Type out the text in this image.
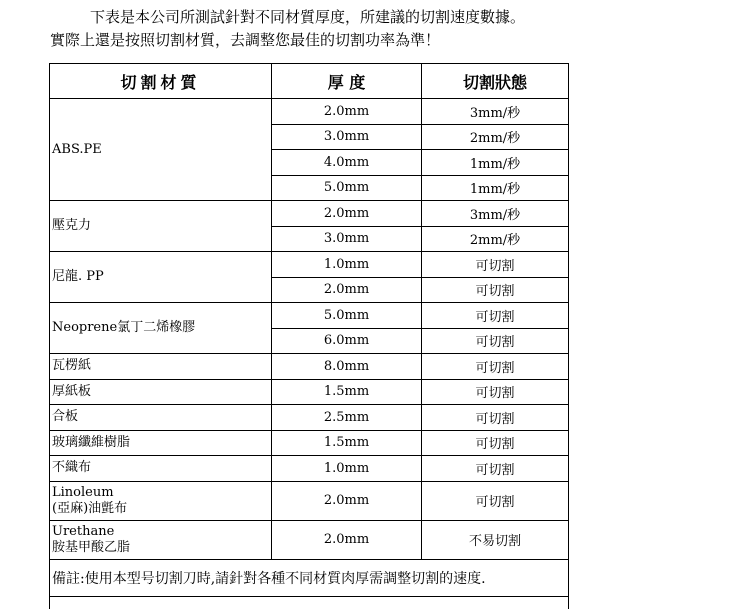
下表是本公司所測試針對不同材質厚度，所建議的切割速度數據。

實際上還是按照切割材質，去調整您最佳的切割功率為準！

切割材質	厚 度	切割狀態
ABS.PE	2.0mm	3mm/秒
	3.0mm	2mm/秒
	4.0mm	1mm/秒
	5.0mm	1mm/秒
壓克力	2.0mm	3mm/秒
	3.0mm	2mm/秒
尼龍. PP	1.0mm	可切割
	2.0mm	可切割
Neoprene氯丁二烯橡膠	5.0mm	可切割
	6.0mm	可切割
瓦楞紙	8.0mm	可切割
厚紙板	1.5mm	可切割
合板	2.5mm	可切割
玻璃纖維樹脂	1.5mm	可切割
不織布	1.0mm	可切割

Linoleum
(亞麻)油氈布	2.0mm	可切割

Urethane
胺基甲酸乙脂	2.0mm	不易切割
備註:使用本型号切割刀時,請針對各種不同材質肉厚需調整切割的速度.		
